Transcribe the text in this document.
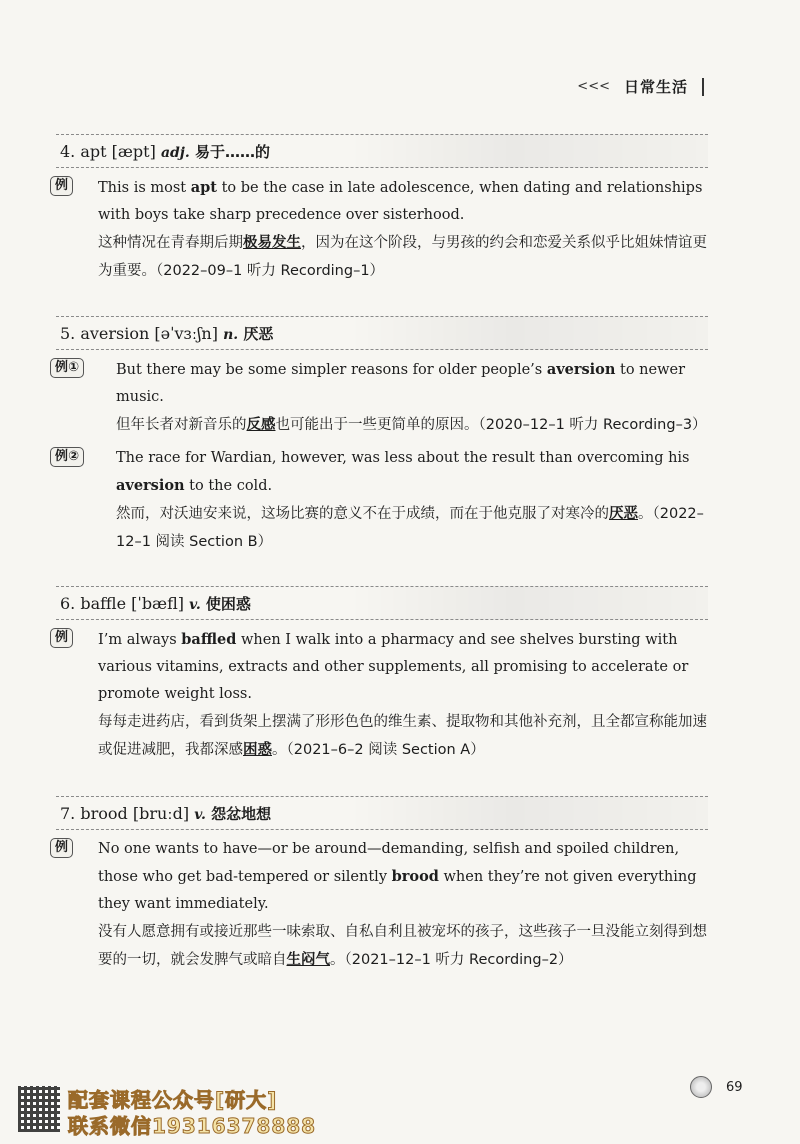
<<< 日常生活
4. apt [æpt] adj. 易于……的
例	This is most apt to be the case in late adolescence, when dating and relationships with boys take sharp precedence over sisterhood.
这种情况在青春期后期极易发生，因为在这个阶段，与男孩的约会和恋爱关系似乎比姐妹情谊更为重要。（2022–09–1 听力 Recording–1）
5. aversion [əˈvɜːʃn] n. 厌恶
例①	But there may be some simpler reasons for older people’s aversion to newer music.
但年长者对新音乐的反感也可能出于一些更简单的原因。（2020–12–1 听力 Recording–3）
例②	The race for Wardian, however, was less about the result than overcoming his aversion to the cold.
然而，对沃迪安来说，这场比赛的意义不在于成绩，而在于他克服了对寒冷的厌恶。（2022–12–1 阅读 Section B）
6. baffle [ˈbæfl] v. 使困惑
例	I’m always baffled when I walk into a pharmacy and see shelves bursting with various vitamins, extracts and other supplements, all promising to accelerate or promote weight loss.
每每走进药店，看到货架上摆满了形形色色的维生素、提取物和其他补充剂，且全都宣称能加速或促进减肥，我都深感困惑。（2021–6–2 阅读 Section A）
7. brood [bruːd] v. 怨忿地想
例	No one wants to have—or be around—demanding, selfish and spoiled children, those who get bad-tempered or silently brood when they’re not given everything they want immediately.
没有人愿意拥有或接近那些一味索取、自私自利且被宠坏的孩子，这些孩子一旦没能立刻得到想要的一切，就会发脾气或暗自生闷气。（2021–12–1 听力 Recording–2）
69
配套课程公众号[研大]
联系微信19316378888
